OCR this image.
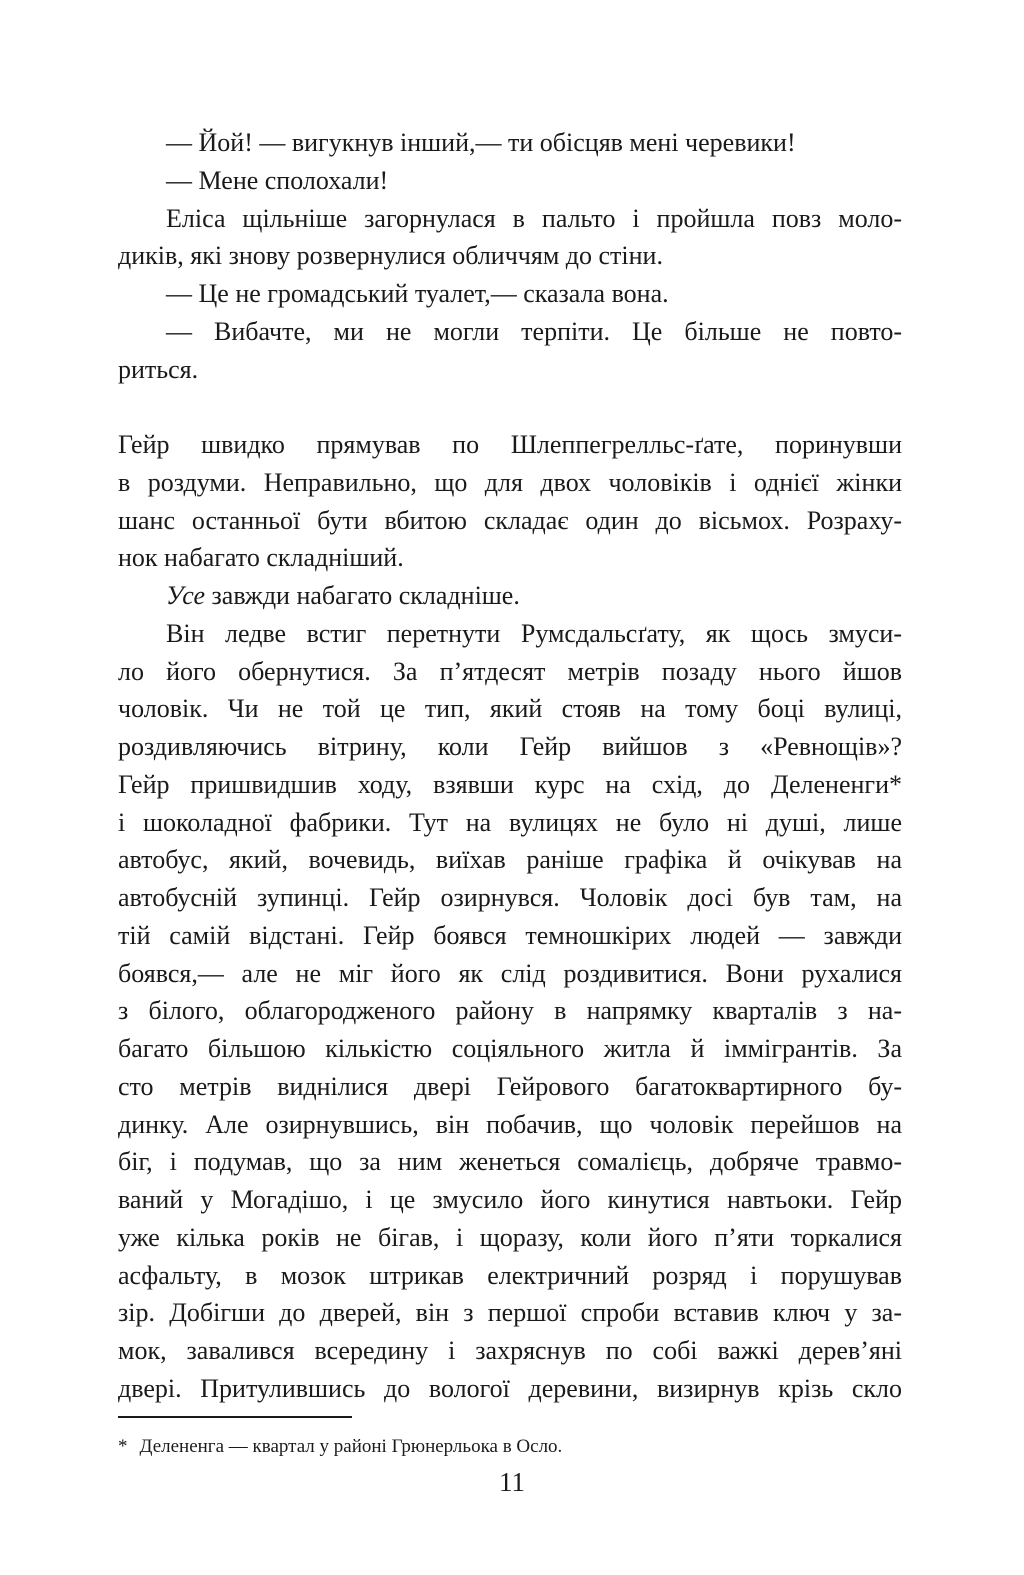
— Йой! — вигукнув інший,— ти обісцяв мені черевики!
— Мене сполохали!
Еліса щільніше загорнулася в пальто і пройшла повз моло-
диків, які знову розвернулися обличчям до стіни.
— Це не громадський туалет,— сказала вона.
— Вибачте, ми не могли терпіти. Це більше не повто-
риться.
Гейр швидко прямував по Шлеппегрелльс-ґате, поринувши
в роздуми. Неправильно, що для двох чоловіків і однієї жінки
шанс останньої бути вбитою складає один до вісьмох. Розраху-
нок набагато складніший.
Усе завжди набагато складніше.
Він ледве встиг перетнути Румсдальсґату, як щось змуси-
ло його обернутися. За п’ятдесят метрів позаду нього йшов
чоловік. Чи не той це тип, який стояв на тому боці вулиці,
роздивляючись вітрину, коли Гейр вийшов з «Ревнощів»?
Гейр пришвидшив ходу, взявши курс на схід, до Делененги*
і шоколадної фабрики. Тут на вулицях не було ні душі, лише
автобус, який, вочевидь, виїхав раніше графіка й очікував на
автобусній зупинці. Гейр озирнувся. Чоловік досі був там, на
тій самій відстані. Гейр боявся темношкірих людей — завжди
боявся,— але не міг його як слід роздивитися. Вони рухалися
з білого, облагородженого району в напрямку кварталів з на-
багато більшою кількістю соціяльного житла й іммігрантів. За
сто метрів виднілися двері Гейрового багатоквартирного бу-
динку. Але озирнувшись, він побачив, що чоловік перейшов на
біг, і подумав, що за ним женеться сомалієць, добряче травмо-
ваний у Могадішо, і це змусило його кинутися навтьоки. Гейр
уже кілька років не бігав, і щоразу, коли його п’яти торкалися
асфальту, в мозок штрикав електричний розряд і порушував
зір. Добігши до дверей, він з першої спроби вставив ключ у за-
мок, завалився всередину і захряснув по собі важкі дерев’яні
двері. Притулившись до вологої деревини, визирнув крізь скло
* Делененга — квартал у районі Грюнерльока в Осло.
11
